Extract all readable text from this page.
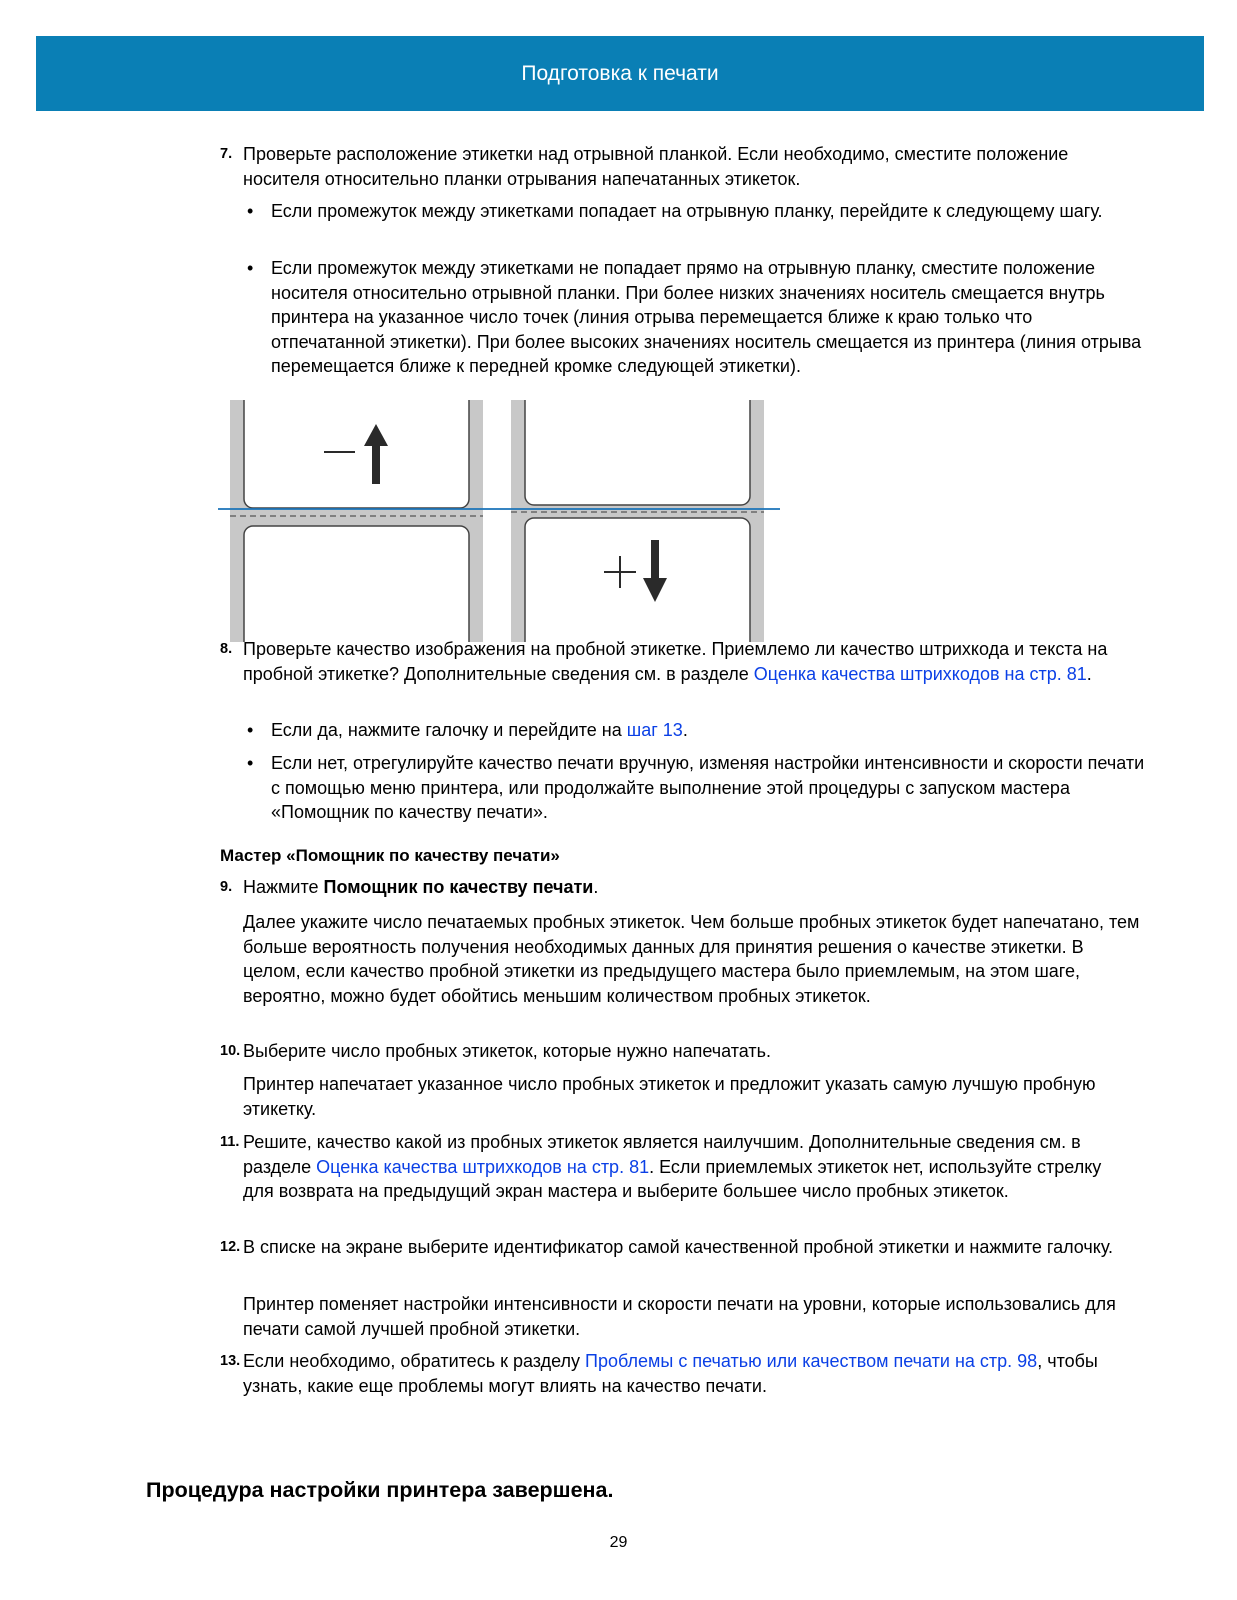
Подготовка к печати
7. Проверьте расположение этикетки над отрывной планкой. Если необходимо, сместите положение носителя относительно планки отрывания напечатанных этикеток.

• Если промежуток между этикетками попадает на отрывную планку, перейдите к следующему шагу.

• Если промежуток между этикетками не попадает прямо на отрывную планку, сместите положение носителя относительно отрывной планки. При более низких значениях носитель смещается внутрь принтера на указанное число точек (линия отрыва перемещается ближе к краю только что отпечатанной этикетки). При более высоких значениях носитель смещается из принтера (линия отрыва перемещается ближе к передней кромке следующей этикетки).

8. Проверьте качество изображения на пробной этикетке. Приемлемо ли качество штрихкода и текста на пробной этикетке? Дополнительные сведения см. в разделе Оценка качества штрихкодов на стр. 81.

• Если да, нажмите галочку и перейдите на шаг 13.

• Если нет, отрегулируйте качество печати вручную, изменяя настройки интенсивности и скорости печати с помощью меню принтера, или продолжайте выполнение этой процедуры с запуском мастера «Помощник по качеству печати».

Мастер «Помощник по качеству печати»
9. Нажмите Помощник по качеству печати.

Далее укажите число печатаемых пробных этикеток. Чем больше пробных этикеток будет напечатано, тем больше вероятность получения необходимых данных для принятия решения о качестве этикетки. В целом, если качество пробной этикетки из предыдущего мастера было приемлемым, на этом шаге, вероятно, можно будет обойтись меньшим количеством пробных этикеток.

10. Выберите число пробных этикеток, которые нужно напечатать.

Принтер напечатает указанное число пробных этикеток и предложит указать самую лучшую пробную этикетку.

11. Решите, качество какой из пробных этикеток является наилучшим. Дополнительные сведения см. в разделе Оценка качества штрихкодов на стр. 81. Если приемлемых этикеток нет, используйте стрелку для возврата на предыдущий экран мастера и выберите большее число пробных этикеток.

12. В списке на экране выберите идентификатор самой качественной пробной этикетки и нажмите галочку.

Принтер поменяет настройки интенсивности и скорости печати на уровни, которые использовались для печати самой лучшей пробной этикетки.

13. Если необходимо, обратитесь к разделу Проблемы с печатью или качеством печати на стр. 98, чтобы узнать, какие еще проблемы могут влиять на качество печати.

Процедура настройки принтера завершена.
29
